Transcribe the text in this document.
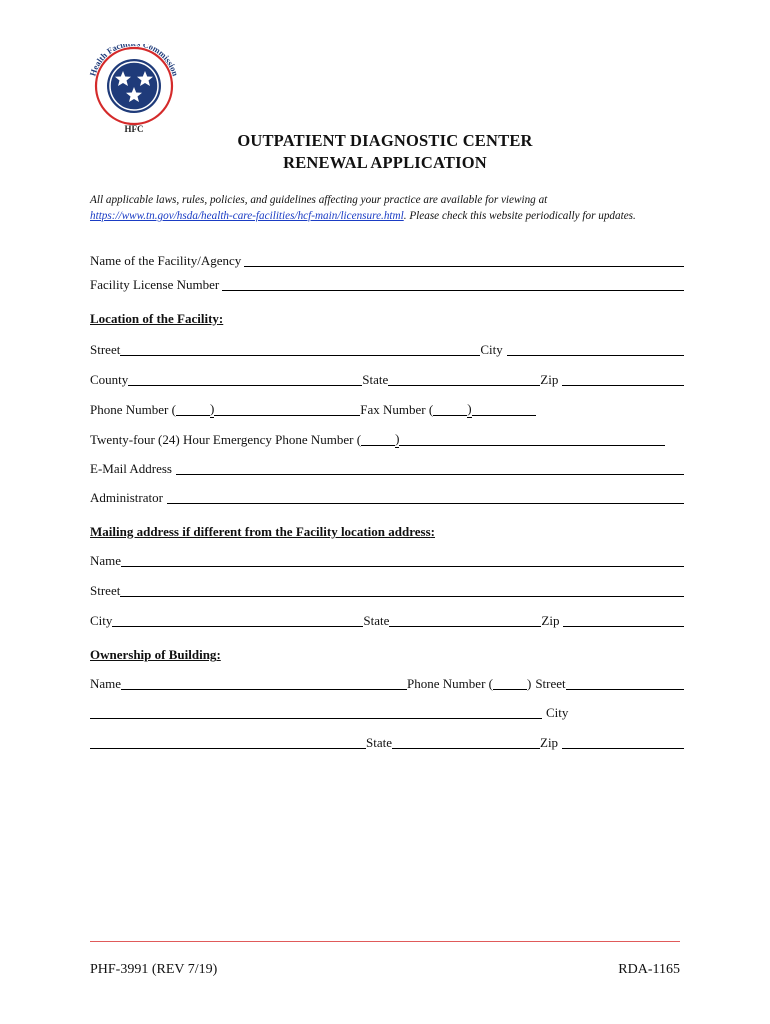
Health Facil Commission
HFC
OUTPATIENT DIAGNOSTIC CENTER
RENEWAL APPLICATION
All applicable laws, rules, policies, and guidelines affecting your practice are available for viewing at
https://www.tn.gov/hsda/health-care-facilities/hcf-main/licensure.html. Please check this website periodically for updates.
Name of the Facility/Agency
Facility License Number
Location of the Facility:
Street	City
County	State	Zip
Phone Number (	)	Fax Number (	)
Twenty-four (24) Hour Emergency Phone Number (	)
E-Mail Address
Administrator
Mailing address if different from the Facility location address:
Name
Street
City	State	Zip
Ownership of Building:
Name	Phone Number (	) Street
City
State	Zip
PHF-3991 (REV 7/19)	RDA-1165
